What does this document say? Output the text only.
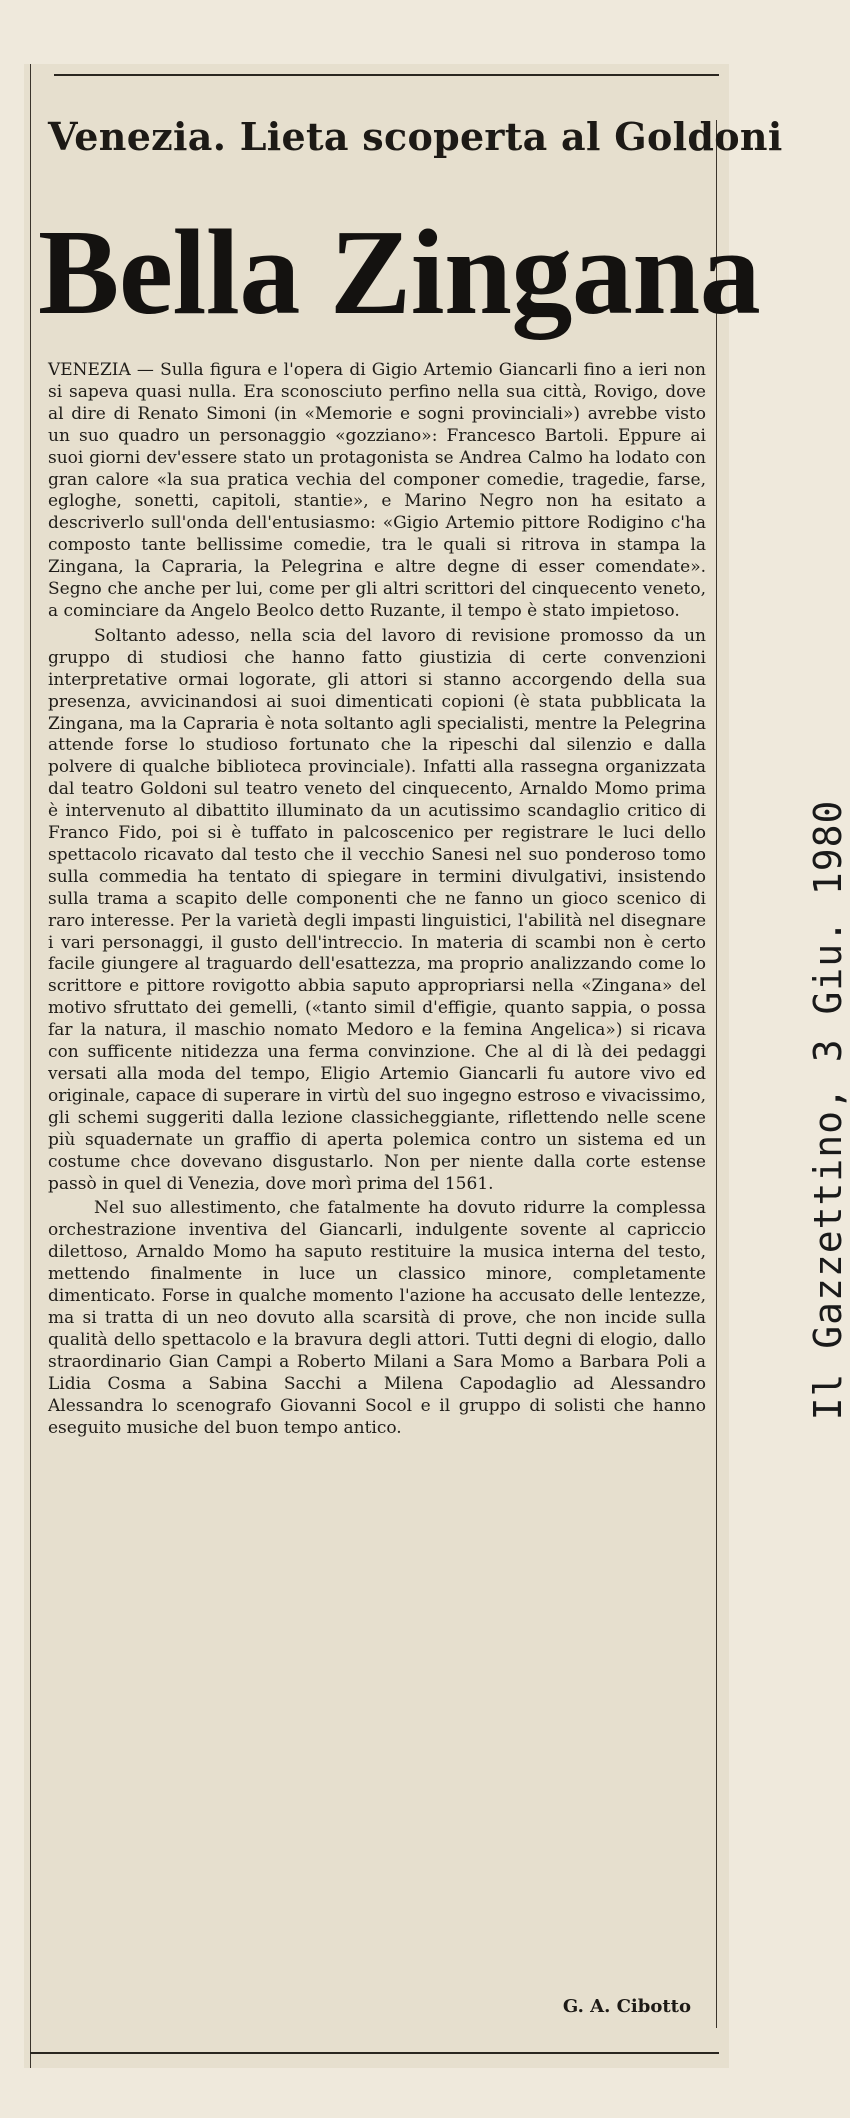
Venezia. Lieta scoperta al Goldoni
Bella Zingana

VENEZIA — Sulla figura e l'opera di Gigio Artemio Giancarli fino a ieri non si sapeva quasi nulla. Era sconosciuto perfino nella sua città, Rovigo, dove al dire di Renato Simoni (in «Memorie e sogni provinciali») avrebbe visto un suo quadro un personaggio «gozziano»: Francesco Bartoli. Eppure ai suoi giorni dev'essere stato un protagonista se Andrea Calmo ha lodato con gran calore «la sua pratica vechia del componer comedie, tragedie, farse, egloghe, sonetti, capitoli, stantie», e Marino Negro non ha esitato a descriverlo sull'onda dell'entusiasmo: «Gigio Artemio pittore Rodigino c'ha composto tante bellissime comedie, tra le quali si ritrova in stampa la Zingana, la Capraria, la Pelegrina e altre degne di esser comendate». Segno che anche per lui, come per gli altri scrittori del cinquecento veneto, a cominciare da Angelo Beolco detto Ruzante, il tempo è stato impietoso.

Soltanto adesso, nella scia del lavoro di revisione promosso da un gruppo di studiosi che hanno fatto giustizia di certe convenzioni interpretative ormai logorate, gli attori si stanno accorgendo della sua presenza, avvicinandosi ai suoi dimenticati copioni (è stata pubblicata la Zingana, ma la Capraria è nota soltanto agli specialisti, mentre la Pelegrina attende forse lo studioso fortunato che la ripeschi dal silenzio e dalla polvere di qualche biblioteca provinciale). Infatti alla rassegna organizzata dal teatro Goldoni sul teatro veneto del cinquecento, Arnaldo Momo prima è intervenuto al dibattito illuminato da un acutissimo scandaglio critico di Franco Fido, poi si è tuffato in palcoscenico per registrare le luci dello spettacolo ricavato dal testo che il vecchio Sanesi nel suo ponderoso tomo sulla commedia ha tentato di spiegare in termini divulgativi, insistendo sulla trama a scapito delle componenti che ne fanno un gioco scenico di raro interesse. Per la varietà degli impasti linguistici, l'abilità nel disegnare i vari personaggi, il gusto dell'intreccio. In materia di scambi non è certo facile giungere al traguardo dell'esattezza, ma proprio analizzando come lo scrittore e pittore rovigotto abbia saputo appropriarsi nella «Zingana» del motivo sfruttato dei gemelli, («tanto simil d'effigie, quanto sappia, o possa far la natura, il maschio nomato Medoro e la femina Angelica») si ricava con sufficente nitidezza una ferma convinzione. Che al di là dei pedaggi versati alla moda del tempo, Eligio Artemio Giancarli fu autore vivo ed originale, capace di superare in virtù del suo ingegno estroso e vivacissimo, gli schemi suggeriti dalla lezione classicheggiante, riflettendo nelle scene più squadernate un graffio di aperta polemica contro un sistema ed un costume chce dovevano disgustarlo. Non per niente dalla corte estense passò in quel di Venezia, dove morì prima del 1561.

Nel suo allestimento, che fatalmente ha dovuto ridurre la complessa orchestrazione inventiva del Giancarli, indulgente sovente al capriccio dilettoso, Arnaldo Momo ha saputo restituire la musica interna del testo, mettendo finalmente in luce un classico minore, completamente dimenticato. Forse in qualche momento l'azione ha accusato delle lentezze, ma si tratta di un neo dovuto alla scarsità di prove, che non incide sulla qualità dello spettacolo e la bravura degli attori. Tutti degni di elogio, dallo straordinario Gian Campi a Roberto Milani a Sara Momo a Barbara Poli a Lidia Cosma a Sabina Sacchi a Milena Capodaglio ad Alessandro Alessandra lo scenografo Giovanni Socol e il gruppo di solisti che hanno eseguito musiche del buon tempo antico.

G. A. Cibotto
Il Gazzettino, 3 Giu. 1980
